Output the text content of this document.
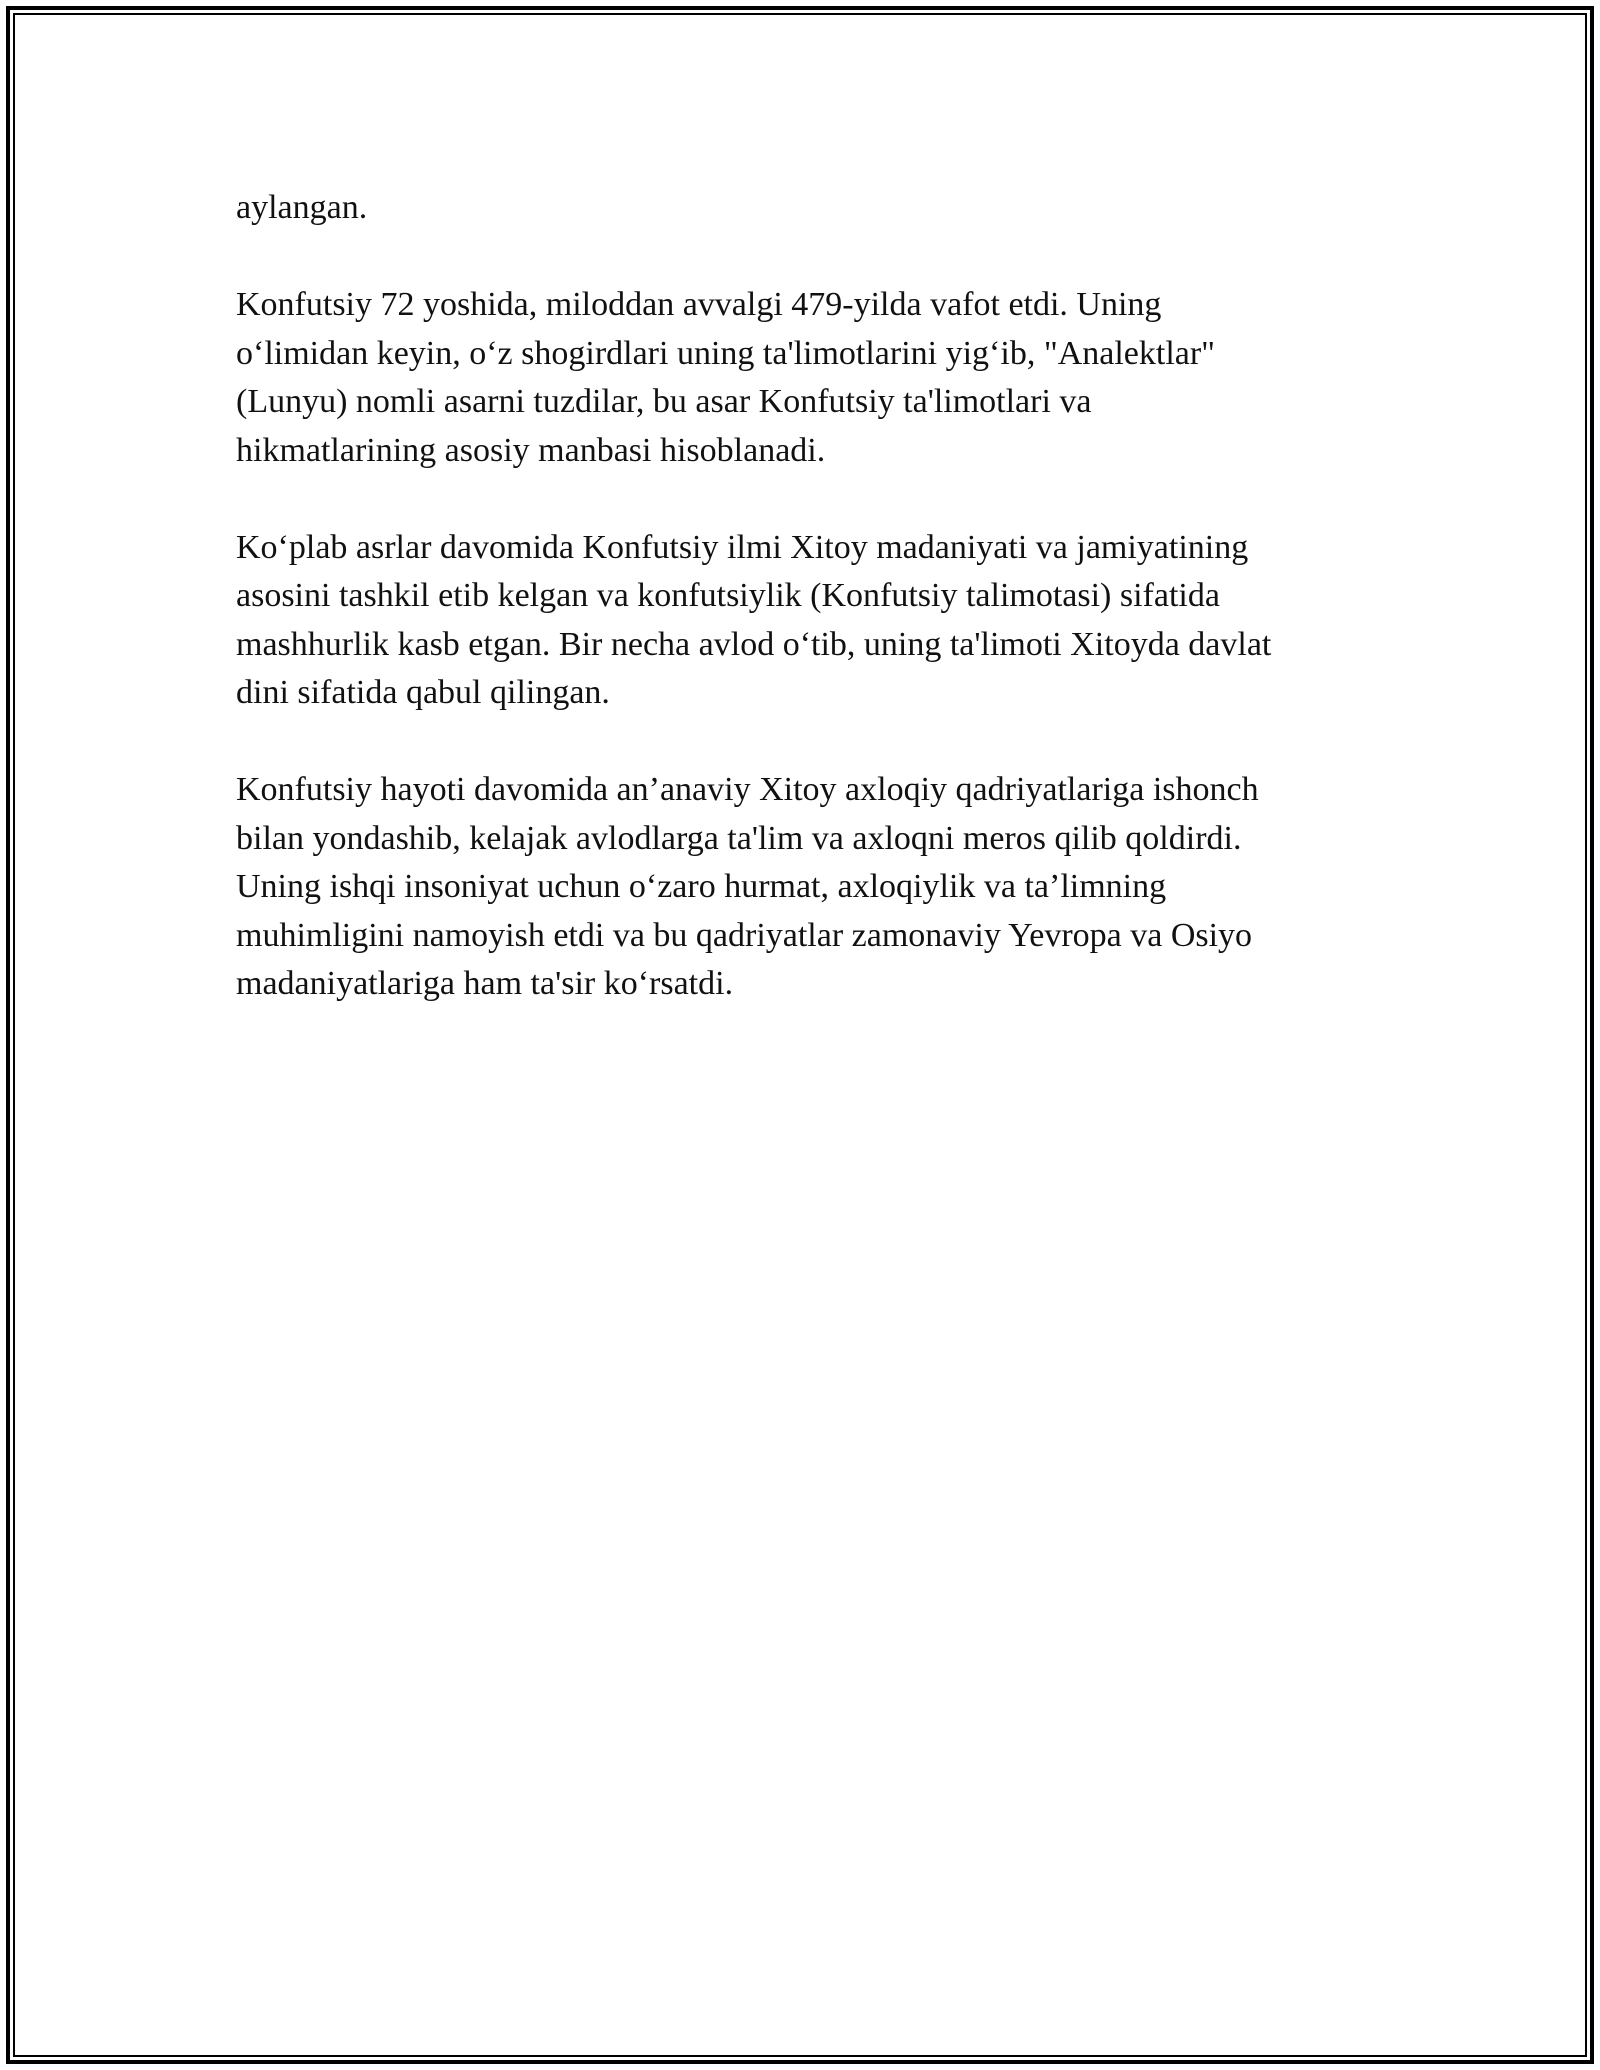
aylangan.

Konfutsiy 72 yoshida, miloddan avvalgi 479-yilda vafot etdi. Uning
o‘limidan keyin, o‘z shogirdlari uning ta'limotlarini yig‘ib, "Analektlar"
(Lunyu) nomli asarni tuzdilar, bu asar Konfutsiy ta'limotlari va
hikmatlarining asosiy manbasi hisoblanadi.

Ko‘plab asrlar davomida Konfutsiy ilmi Xitoy madaniyati va jamiyatining
asosini tashkil etib kelgan va konfutsiylik (Konfutsiy talimotasi) sifatida
mashhurlik kasb etgan. Bir necha avlod o‘tib, uning ta'limoti Xitoyda davlat
dini sifatida qabul qilingan.

Konfutsiy hayoti davomida an’anaviy Xitoy axloqiy qadriyatlariga ishonch
bilan yondashib, kelajak avlodlarga ta'lim va axloqni meros qilib qoldirdi.
Uning ishqi insoniyat uchun o‘zaro hurmat, axloqiylik va ta’limning
muhimligini namoyish etdi va bu qadriyatlar zamonaviy Yevropa va Osiyo
madaniyatlariga ham ta'sir ko‘rsatdi.
